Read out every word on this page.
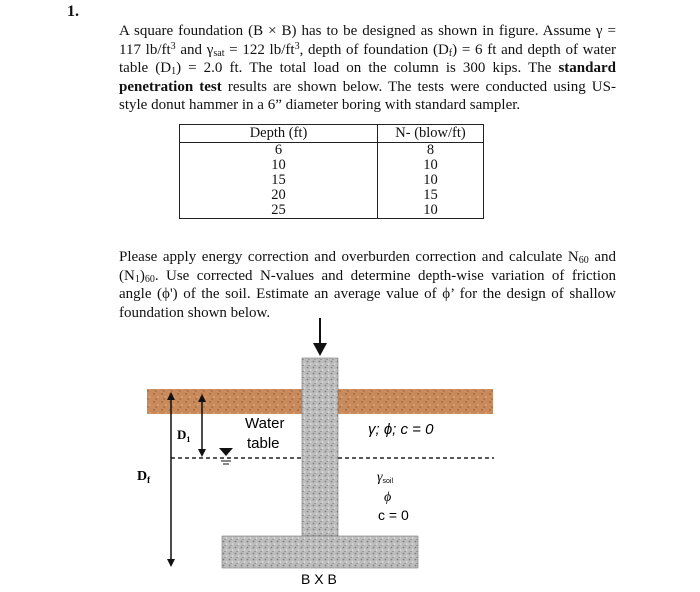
1.

A square foundation (B × B) has to be designed as shown in figure. Assume γ = 117 $lb/ft^3$ and $\gamma_{sat} = 122$ $lb/ft^3$, depth of foundation $(D_f) = 6$ ft and depth of water table $(D_1) = 2.0$ ft. The total load on the column is 300 kips. The standard penetration test results are shown below. The tests were conducted using US- style donut hammer in a 6” diameter boring with standard sampler.

Depth (ft)	N- (blow/ft)
6	8
10	10
15	10
20	15
25	10

Please apply energy correction and overburden correction and calculate $N_{60}$ and $(N_1)_{60}$. Use corrected N-values and determine depth-wise variation of friction angle (ϕ') of the soil. Estimate an average value of ϕ’ for the design of shallow foundation shown below.

Water
table
$D_1$
$D_f$
γ; ϕ; c = 0
γsoil
ϕ
c = 0
B X B
